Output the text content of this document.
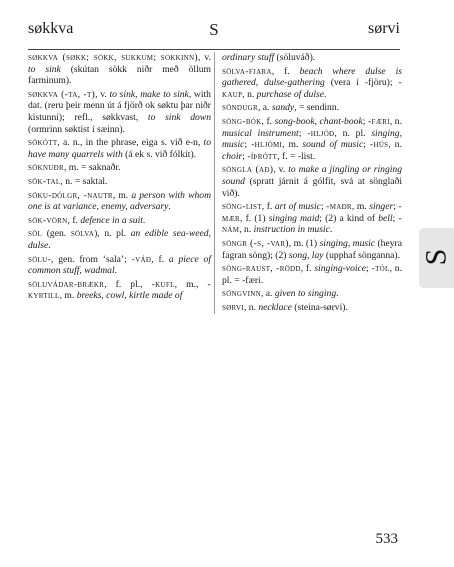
søkkva	S	sørvi
søkkva (søkk; sökk, sukkum; sokkinn), v. to sink (skútan sökk niðr með öllum farminum).
søkkva (-ta, -t), v. to sink, make to sink, with dat. (reru þeir menn út á fjörð ok søktu þar niðr kistunni); refl., søkkvast, to sink down (ormrinn søktist í sæinn).
sökótt, a. n., in the phrase, eiga s. við e-n, to have many quarrels with (á ek s. við fólkit).
söknuðr, m. = saknaðr.
sök-tal, n. = saktal.
söku-dólgr, -nautr, m. a person with whom one is at variance, enemy, adversary.
sök-vörn, f. defence in a suit.
söl (gen. sölva), n. pl. an edible sea-weed, dulse.
sölu-, gen. from ‘sala’; -váð, f. a piece of common stuff, wadmal.
söluvádar-brækr, f. pl., -kufl, m., -kyrtill, m. breeks, cowl, kirtle made of
ordinary stuff (söluváð).
sölva-fjara, f. beach where dulse is gathered, dulse-gathering (vera í -fjöru); -kaup, n. purchase of dulse.
söndugr, a. sandy, = sendinn.
söng-bók, f. song-book, chant-book; -færi, n. musical instrument; -hljóð, n. pl. singing, music; -hljómi, m. sound of music; -hús, n. choir; -íþrótt, f. = -list.
söngla (að), v. to make a jingling or ringing sound (spratt járnit á gólfit, svá at sönglaði við).
söng-list, f. art of music; -maðr, m. singer; -mær, f. (1) singing maid; (2) a kind of bell; -nám, n. instruction in music.
söngr (-s, -var), m. (1) singing, music (heyra fagran söng); (2) song, lay (upphaf sönganna).
söng-raust, -rödd, f. singing-voice; -tól, n. pl. = -færi.
söngvinn, a. given to singing.
sørvi, n. necklace (steina-sørvi).
S
533
